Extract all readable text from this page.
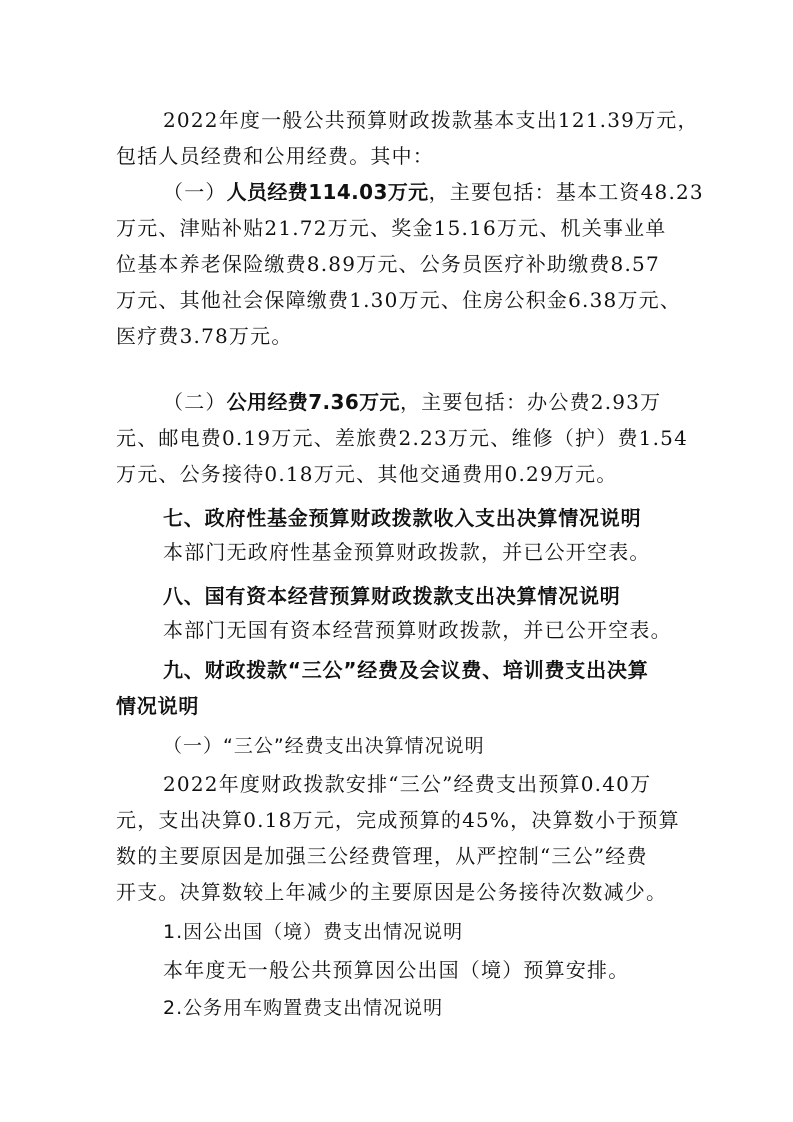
2022年度一般公共预算财政拨款基本支出121.39万元，
包括人员经费和公用经费。其中：
（一）人员经费114.03万元，主要包括：基本工资48.23
万元、津贴补贴21.72万元、奖金15.16万元、机关事业单
位基本养老保险缴费8.89万元、公务员医疗补助缴费8.57
万元、其他社会保障缴费1.30万元、住房公积金6.38万元、
医疗费3.78万元。
（二）公用经费7.36万元，主要包括：办公费2.93万
元、邮电费0.19万元、差旅费2.23万元、维修（护）费1.54
万元、公务接待0.18万元、其他交通费用0.29万元。
七、政府性基金预算财政拨款收入支出决算情况说明
本部门无政府性基金预算财政拨款，并已公开空表。
八、国有资本经营预算财政拨款支出决算情况说明
本部门无国有资本经营预算财政拨款，并已公开空表。
九、财政拨款“三公”经费及会议费、培训费支出决算
情况说明
（一）“三公”经费支出决算情况说明
2022年度财政拨款安排“三公”经费支出预算0.40万
元，支出决算0.18万元，完成预算的45%，决算数小于预算
数的主要原因是加强三公经费管理，从严控制“三公”经费
开支。决算数较上年减少的主要原因是公务接待次数减少。
1.因公出国（境）费支出情况说明
本年度无一般公共预算因公出国（境）预算安排。
2.公务用车购置费支出情况说明
